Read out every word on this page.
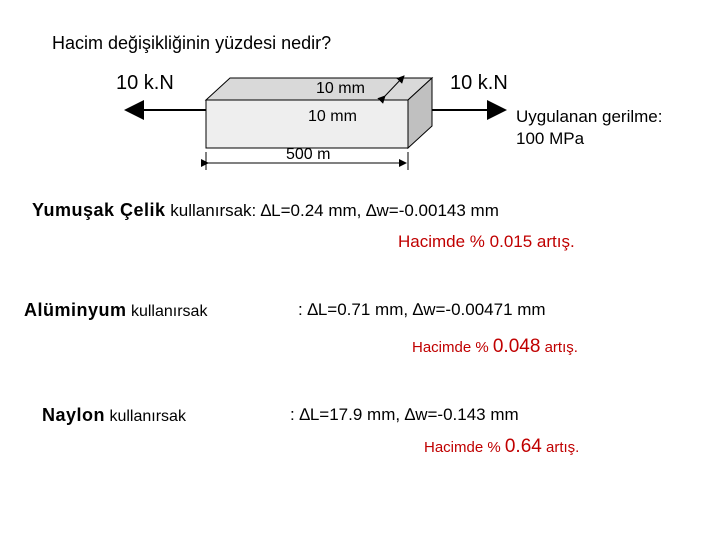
Hacim değişikliğinin yüzdesi nedir?
10 k.N	10 k.N
10 mm
10 mm
500 m
Uygulanan gerilme:
100 MPa
Yumuşak Çelik kullanırsak: ∆L=0.24 mm, ∆w=-0.00143 mm
Hacimde % 0.015 artış.
Alüminyum kullanırsak	: ∆L=0.71 mm, ∆w=-0.00471 mm
Hacimde % 0.048 artış.
Naylon kullanırsak	: ∆L=17.9 mm, ∆w=-0.143 mm
Hacimde % 0.64 artış.
